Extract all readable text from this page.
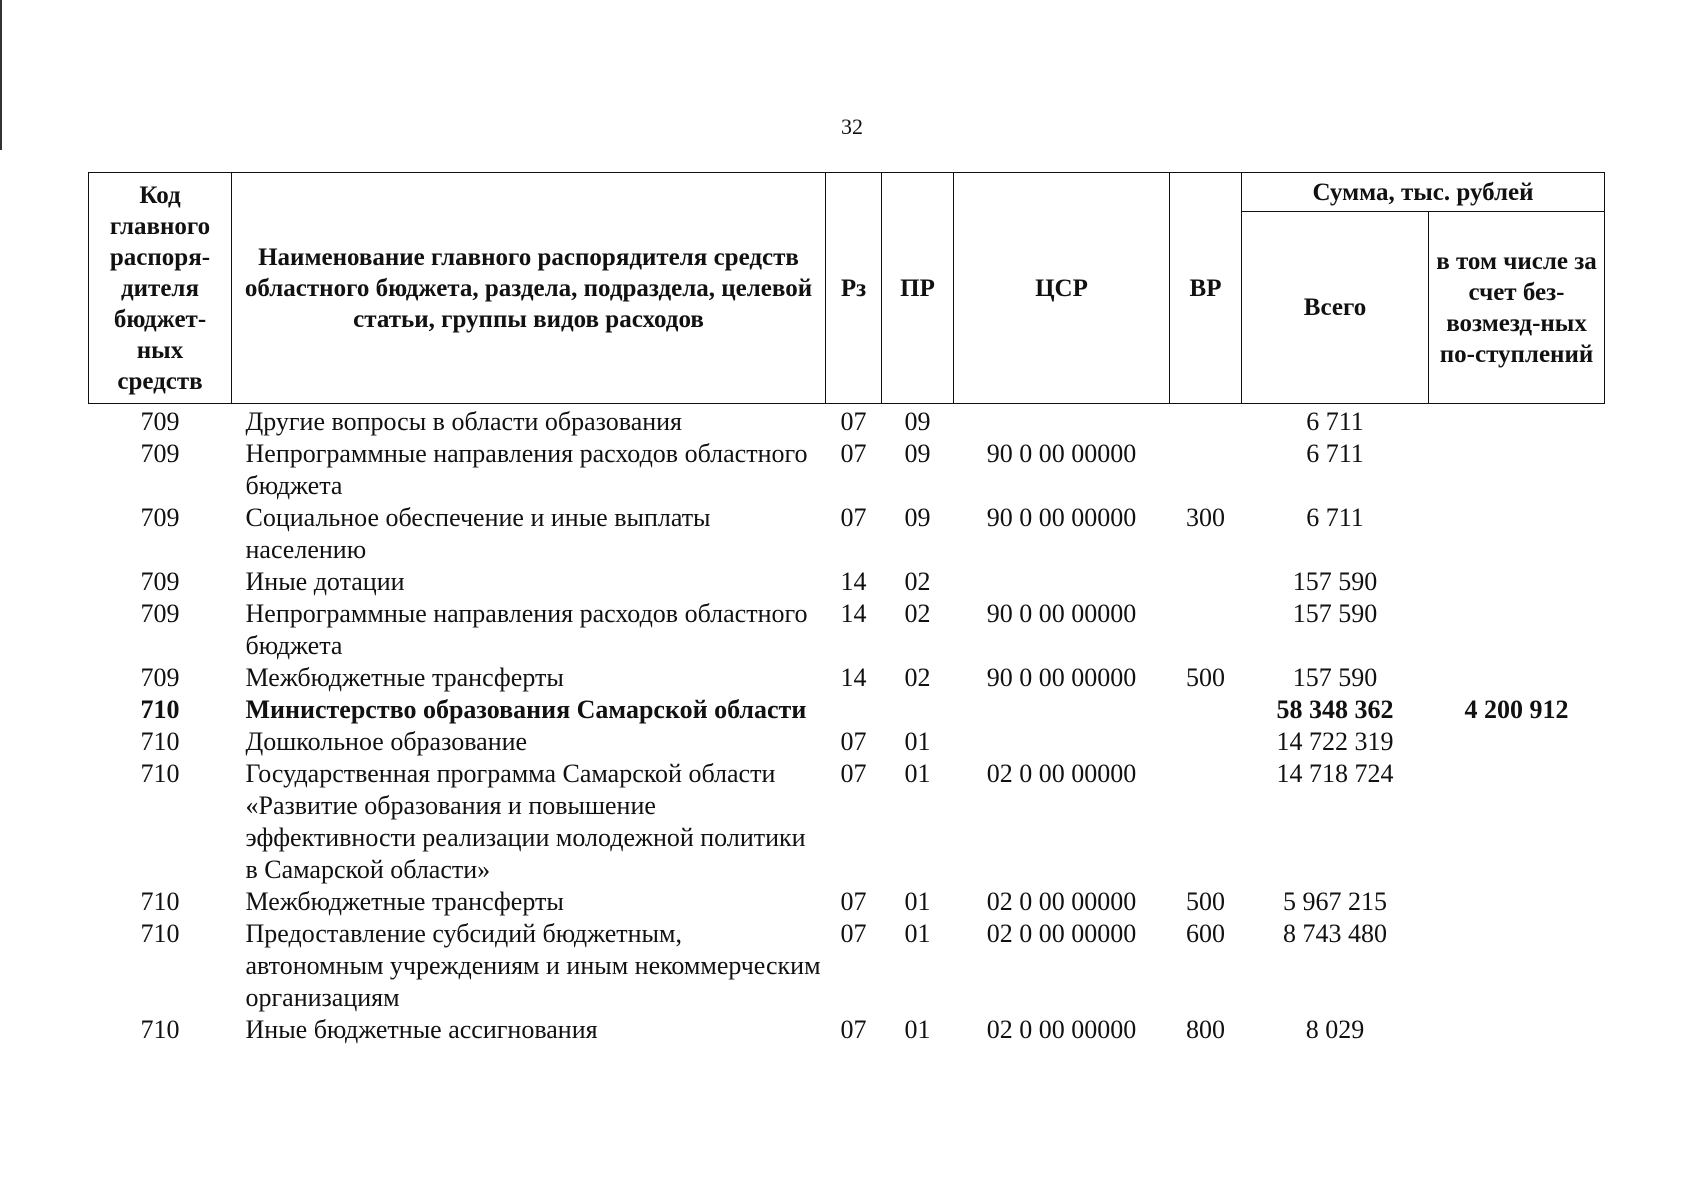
32
Код главного распоря-дителя бюджет-ных средств	Наименование главного распорядителя средств областного бюджета, раздела, подраздела, целевой статьи, группы видов расходов	Рз	ПР	ЦСР	ВР	Сумма, тыс. рублей	
						Всего	в том числе за счет без-возмезд-ных по-ступлений
709	Другие вопросы в области образования	07	09			6 711	
709	Непрограммные направления расходов областного бюджета	07	09	90 0 00 00000		6 711	
709	Социальное обеспечение и иные выплаты населению	07	09	90 0 00 00000	300	6 711	
709	Иные дотации	14	02			157 590	
709	Непрограммные направления расходов областного бюджета	14	02	90 0 00 00000		157 590	
709	Межбюджетные трансферты	14	02	90 0 00 00000	500	157 590	
710	Министерство образования Самарской области					58 348 362	4 200 912
710	Дошкольное образование	07	01			14 722 319	
710	Государственная программа Самарской области «Развитие образования и повышение эффективности реализации молодежной политики в Самарской области»	07	01	02 0 00 00000		14 718 724	
710	Межбюджетные трансферты	07	01	02 0 00 00000	500	5 967 215	
710	Предоставление субсидий бюджетным, автономным учреждениям и иным некоммерческим организациям	07	01	02 0 00 00000	600	8 743 480	
710	Иные бюджетные ассигнования	07	01	02 0 00 00000	800	8 029	
